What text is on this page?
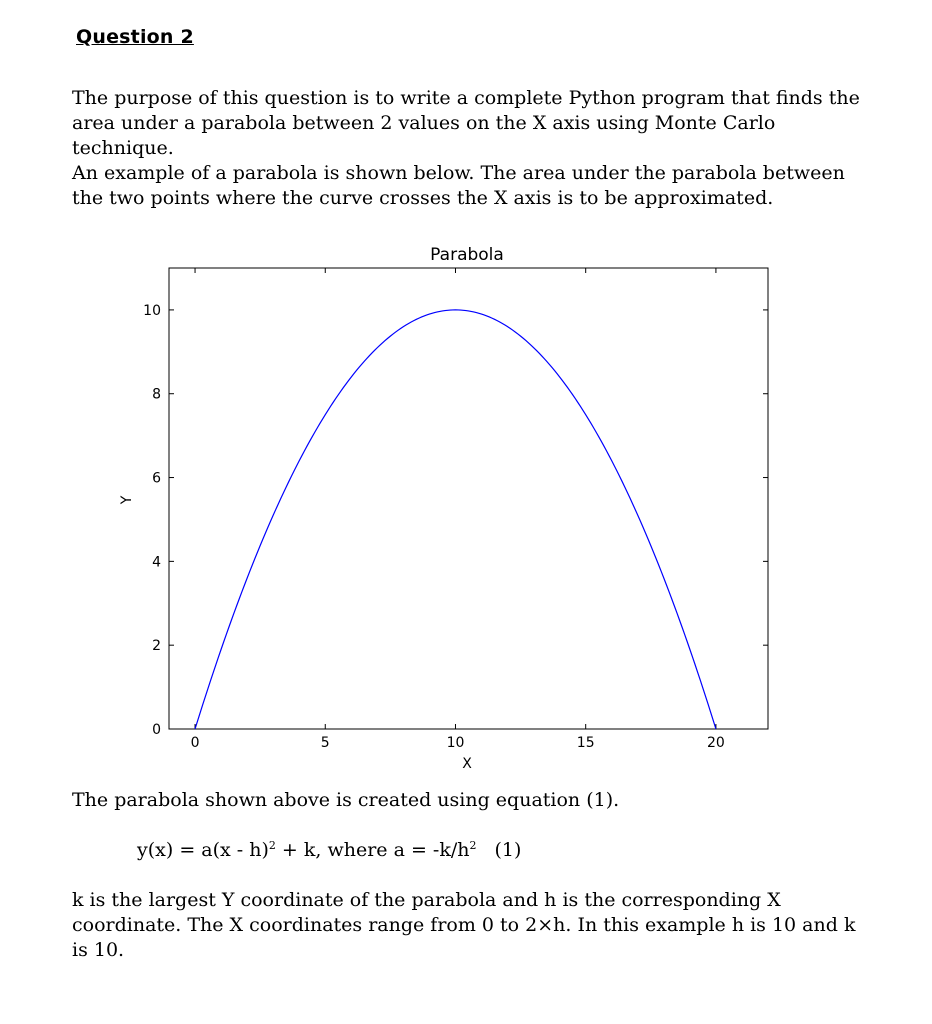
Question 2

The purpose of this question is to write a complete Python program that finds the area under a parabola between 2 values on the X axis using Monte Carlo technique.

An example of a parabola is shown below. The area under the parabola between the two points where the curve crosses the X axis is to be approximated.

Parabola
0	5	10	15	20
0
2
4
6
8
10
X
Y

The parabola shown above is created using equation (1).

y(x) = a(x - h)$^2$ + k, where $a = -k/h^2$ (1)

k is the largest Y coordinate of the parabola and h is the corresponding X coordinate. The X coordinates range from 0 to 2×h. In this example h is 10 and k is 10.
